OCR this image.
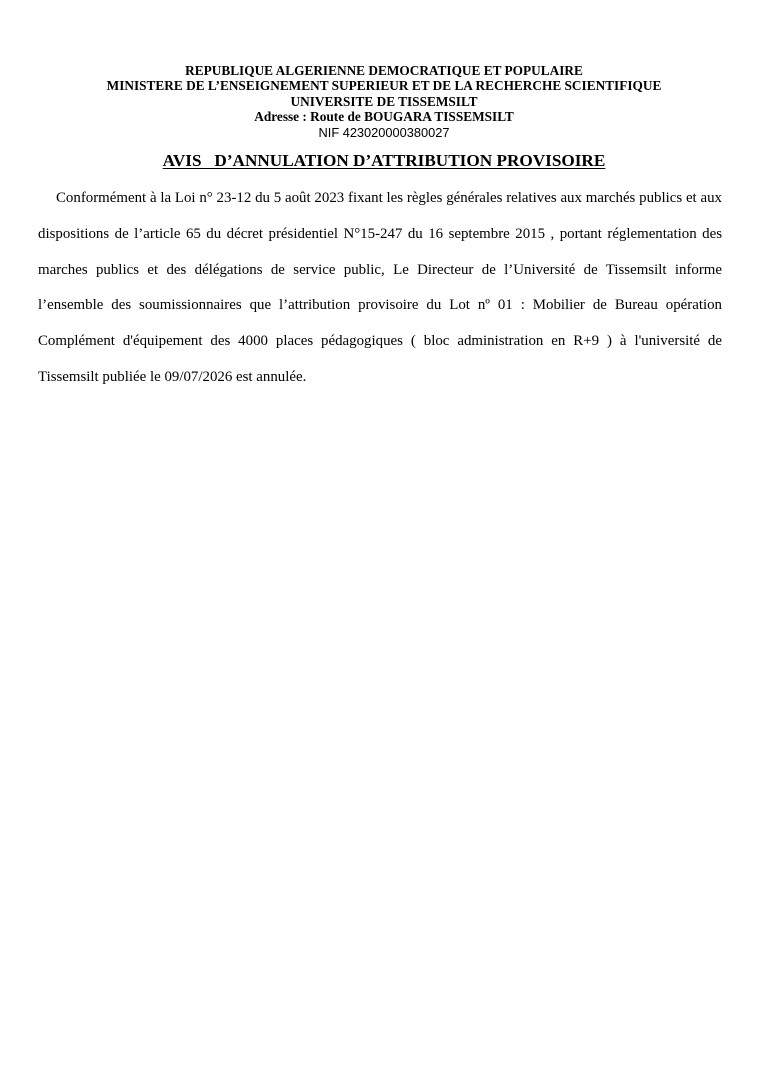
REPUBLIQUE ALGERIENNE DEMOCRATIQUE ET POPULAIRE
MINISTERE DE L’ENSEIGNEMENT SUPERIEUR ET DE LA RECHERCHE SCIENTIFIQUE
UNIVERSITE DE TISSEMSILT
Adresse : Route de BOUGARA TISSEMSILT
NIF 423020000380027
AVIS   D’ANNULATION D’ATTRIBUTION PROVISOIRE

Conformément à la Loi n° 23-12 du 5 août 2023 fixant les règles générales relatives aux marchés publics et aux dispositions de l’article 65 du décret présidentiel N°15-247 du 16 septembre 2015 , portant réglementation des marches publics et des délégations de service public, Le Directeur de l’Université de Tissemsilt informe l’ensemble des soumissionnaires que l’attribution provisoire du Lot nº 01 : Mobilier de Bureau opération Complément d'équipement des 4000 places pédagogiques ( bloc administration en R+9 ) à l'université de Tissemsilt publiée le 09/07/2026 est annulée.
